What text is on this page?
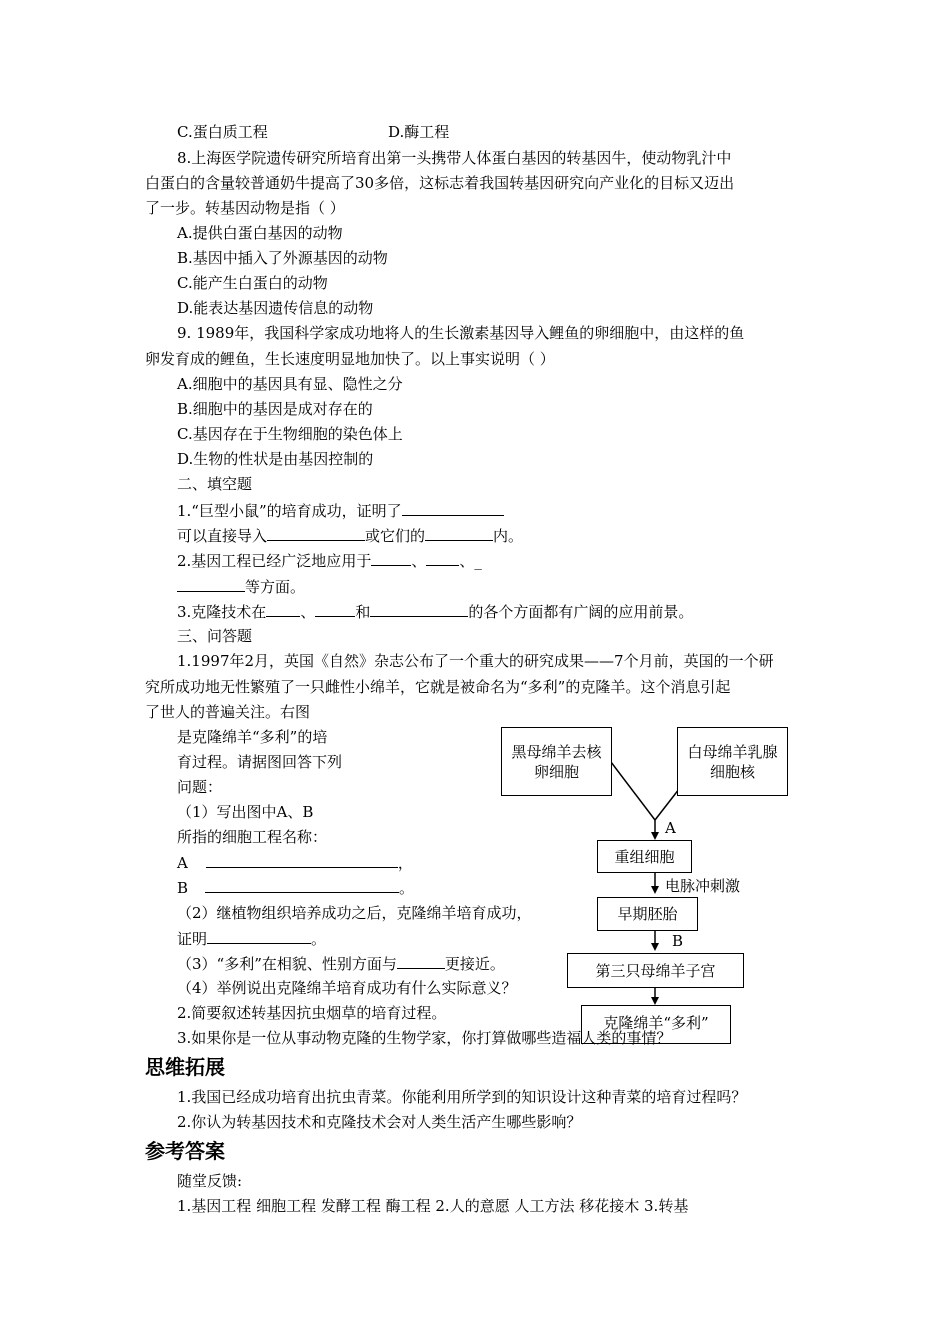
C.蛋白质工程	D.酶工程
8.上海医学院遗传研究所培育出第一头携带人体蛋白基因的转基因牛，使动物乳汁中
白蛋白的含量较普通奶牛提高了30多倍，这标志着我国转基因研究向产业化的目标又迈出
了一步。转基因动物是指（ ）
A.提供白蛋白基因的动物
B.基因中插入了外源基因的动物
C.能产生白蛋白的动物
D.能表达基因遗传信息的动物
9. 1989年，我国科学家成功地将人的生长激素基因导入鲤鱼的卵细胞中，由这样的鱼
卵发育成的鲤鱼，生长速度明显地加快了。以上事实说明（ ）
A.细胞中的基因具有显、隐性之分
B.细胞中的基因是成对存在的
C.基因存在于生物细胞的染色体上
D.生物的性状是由基因控制的
二、填空题
1.“巨型小鼠”的培育成功，证明了
可以直接导入	或它们的	内。
2.基因工程已经广泛地应用于	、 、_
等方面。
3.克隆技术在 、	和	的各个方面都有广阔的应用前景。
三、问答题
1.1997年2月，英国《自然》杂志公布了一个重大的研究成果——7个月前，英国的一个研
究所成功地无性繁殖了一只雌性小绵羊，它就是被命名为“多利”的克隆羊。这个消息引起
了世人的普遍关注。右图
是克隆绵羊“多利”的培
育过程。请据图回答下列
问题：
（1）写出图中A、B
所指的细胞工程名称：
A	，
B	。
（2）继植物组织培养成功之后，克隆绵羊培育成功，
证明	。
（3）“多利”在相貌、性别方面与	更接近。
（4）举例说出克隆绵羊培育成功有什么实际意义？
2.简要叙述转基因抗虫烟草的培育过程。
黑母绵羊去核卵细胞
白母绵羊乳腺细胞核
A
重组细胞
电脉冲刺激
早期胚胎
B
第三只母绵羊子宫
克隆绵羊“多利”
3.如果你是一位从事动物克隆的生物学家，你打算做哪些造福人类的事情？
思维拓展
1.我国已经成功培育出抗虫青菜。你能利用所学到的知识设计这种青菜的培育过程吗？
2.你认为转基因技术和克隆技术会对人类生活产生哪些影响？
参考答案
随堂反馈:
1.基因工程 细胞工程 发酵工程 酶工程 2.人的意愿 人工方法 移花接木 3.转基
